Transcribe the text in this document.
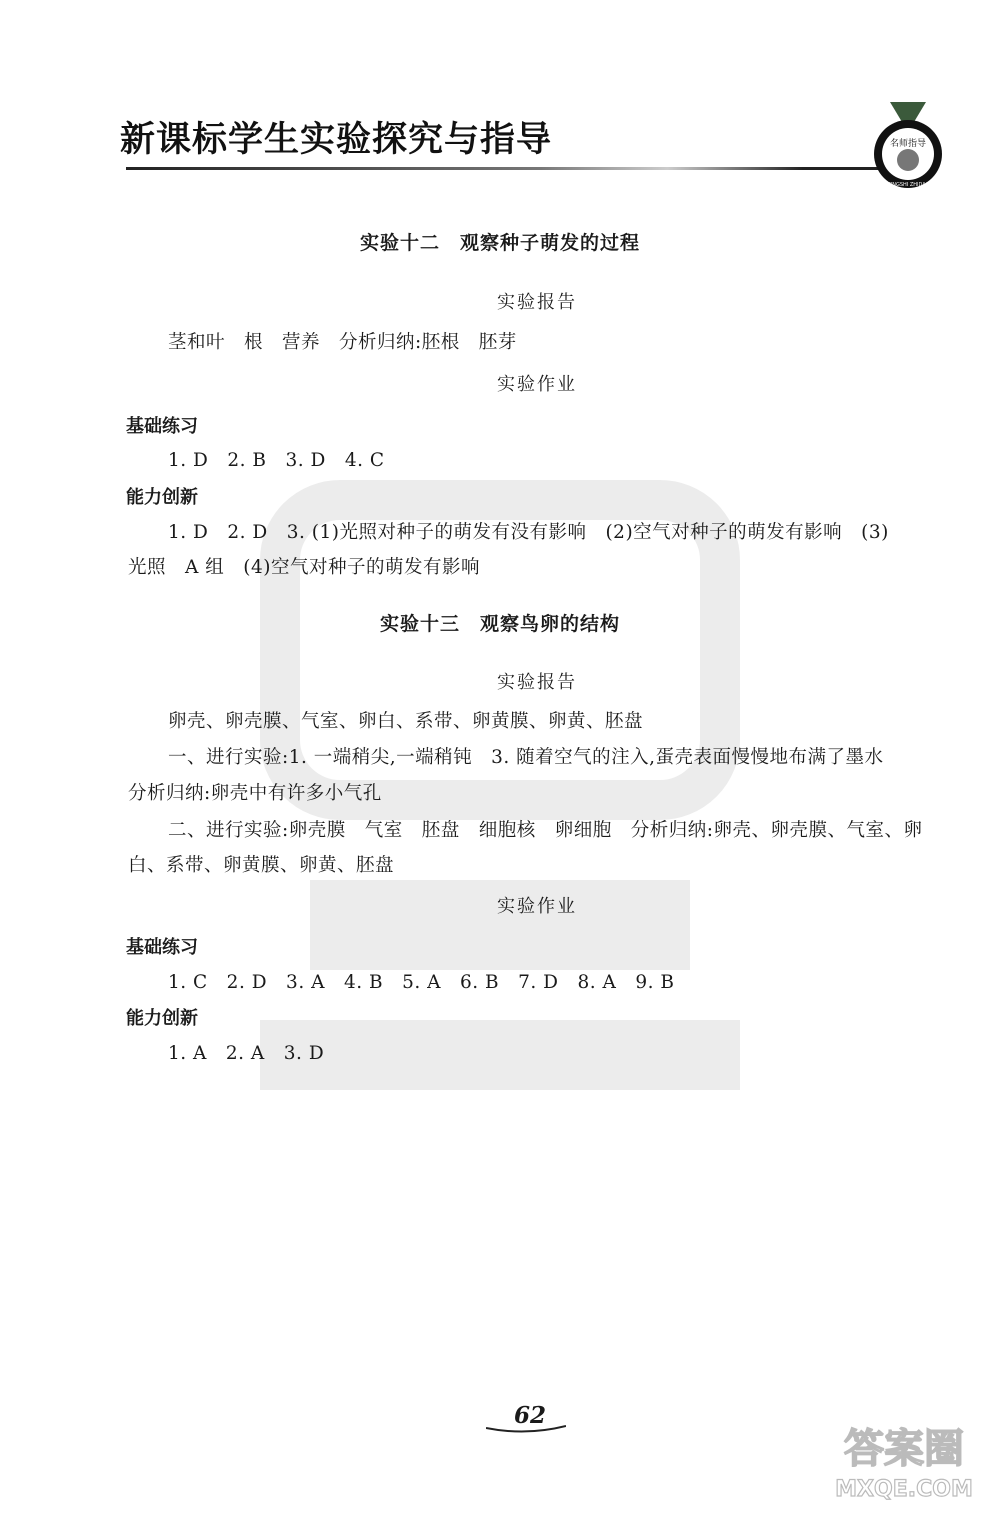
新课标学生实验探究与指导	名师指导
MINGSHI ZHIDAO
实验十二　观察种子萌发的过程
实验报告
茎和叶　根　营养　分析归纳:胚根　胚芽
实验作业
基础练习
1. D　2. B　3. D　4. C
能力创新
1. D　2. D　3. (1)光照对种子的萌发有没有影响　(2)空气对种子的萌发有影响　(3)
光照　A 组　(4)空气对种子的萌发有影响
实验十三　观察鸟卵的结构
实验报告
卵壳、卵壳膜、气室、卵白、系带、卵黄膜、卵黄、胚盘
一、进行实验:1. 一端稍尖,一端稍钝　3. 随着空气的注入,蛋壳表面慢慢地布满了墨水
分析归纳:卵壳中有许多小气孔
二、进行实验:卵壳膜　气室　胚盘　细胞核　卵细胞　分析归纳:卵壳、卵壳膜、气室、卵
白、系带、卵黄膜、卵黄、胚盘
实验作业
基础练习
1. C　2. D　3. A　4. B　5. A　6. B　7. D　8. A　9. B
能力创新
1. A　2. A　3. D
62
答案圈
MXQE.COM
